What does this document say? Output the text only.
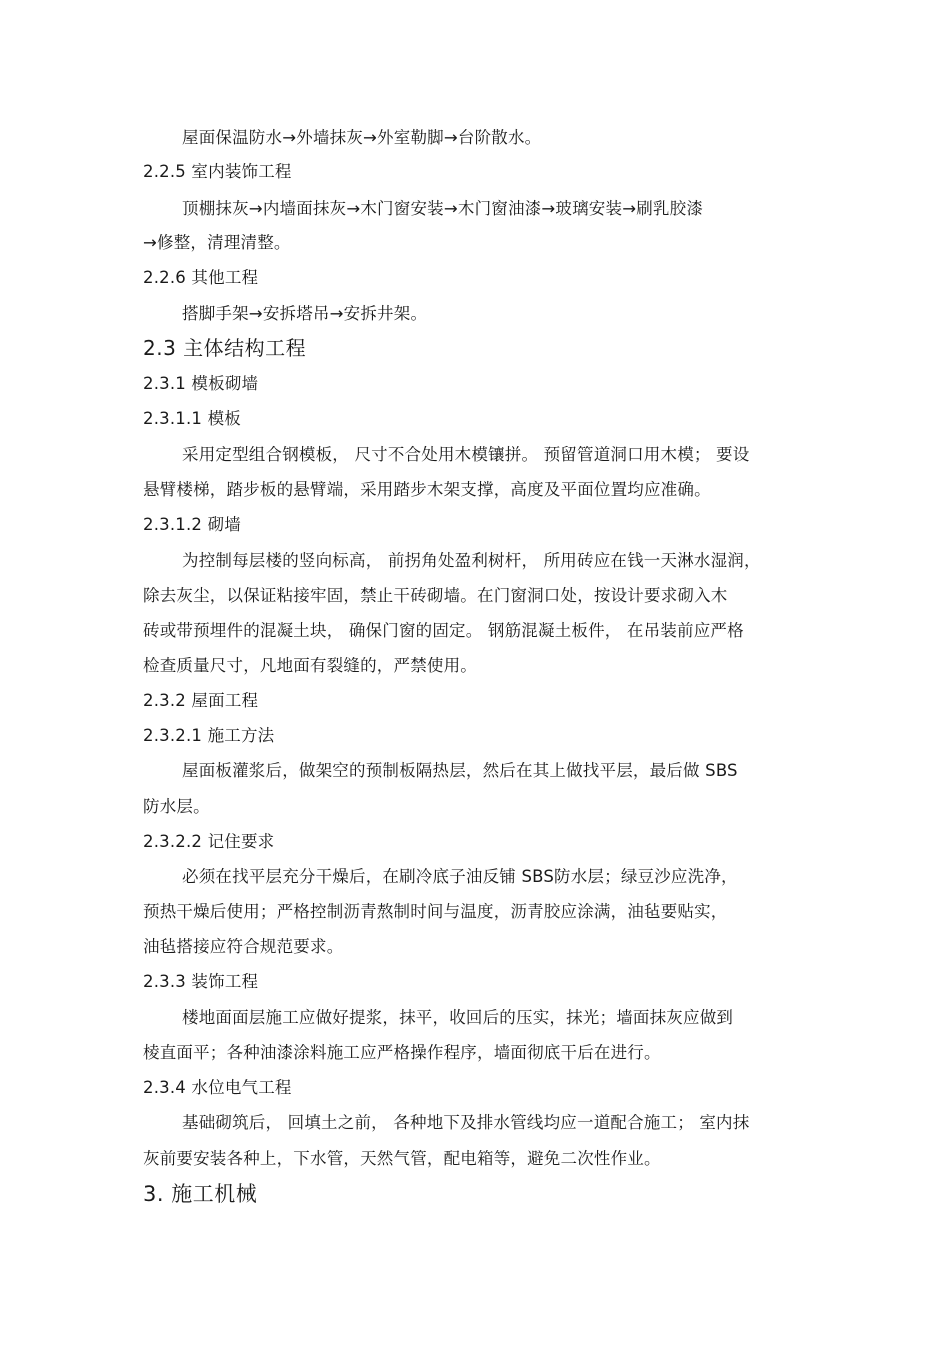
屋面保温防水→外墙抹灰→外室勒脚→台阶散水。
2.2.5 室内装饰工程
顶棚抹灰→内墙面抹灰→木门窗安装→木门窗油漆→玻璃安装→刷乳胶漆
→修整，清理清整。
2.2.6 其他工程
搭脚手架→安拆塔吊→安拆井架。
2.3 主体结构工程
2.3.1 模板砌墙
2.3.1.1 模板
采用定型组合钢模板， 尺寸不合处用木模镶拼。 预留管道洞口用木模； 要设
悬臂楼梯，踏步板的悬臂端，采用踏步木架支撑，高度及平面位置均应准确。
2.3.1.2 砌墙
为控制每层楼的竖向标高， 前拐角处盈利树杆， 所用砖应在钱一天淋水湿润，
除去灰尘，以保证粘接牢固，禁止干砖砌墙。在门窗洞口处，按设计要求砌入木
砖或带预埋件的混凝土块， 确保门窗的固定。 钢筋混凝土板件， 在吊装前应严格
检查质量尺寸，凡地面有裂缝的，严禁使用。
2.3.2 屋面工程
2.3.2.1 施工方法
屋面板灌浆后，做架空的预制板隔热层，然后在其上做找平层，最后做 SBS
防水层。
2.3.2.2 记住要求
必须在找平层充分干燥后，在刷冷底子油反铺 SBS防水层；绿豆沙应洗净，
预热干燥后使用；严格控制沥青熬制时间与温度，沥青胶应涂满，油毡要贴实，
油毡搭接应符合规范要求。
2.3.3 装饰工程
楼地面面层施工应做好提浆，抹平，收回后的压实，抹光；墙面抹灰应做到
棱直面平；各种油漆涂料施工应严格操作程序，墙面彻底干后在进行。
2.3.4 水位电气工程
基础砌筑后， 回填土之前， 各种地下及排水管线均应一道配合施工； 室内抹
灰前要安装各种上，下水管，天然气管，配电箱等，避免二次性作业。
3. 施工机械
